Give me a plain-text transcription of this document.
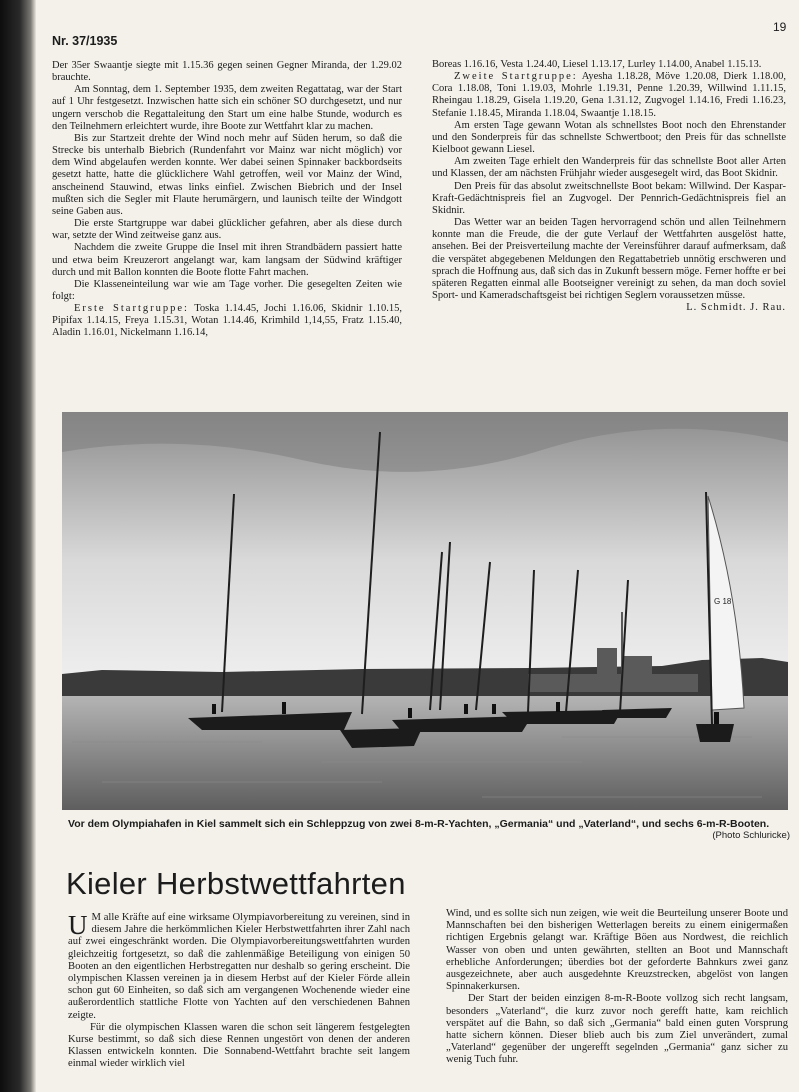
Nr. 37/1935
19

Der 35er Swaantje siegte mit 1.15.36 gegen seinen Gegner Miranda, der 1.29.02 brauchte.

Am Sonntag, dem 1. September 1935, dem zweiten Regattatag, war der Start auf 1 Uhr festgesetzt. Inzwischen hatte sich ein schöner SO durchgesetzt, und nur ungern verschob die Regattaleitung den Start um eine halbe Stunde, wodurch es den Teilnehmern erleichtert wurde, ihre Boote zur Wettfahrt klar zu machen.

Bis zur Startzeit drehte der Wind noch mehr auf Süden herum, so daß die Strecke bis unterhalb Biebrich (Rundenfahrt vor Mainz war nicht möglich) vor dem Wind abgelaufen werden konnte. Wer dabei seinen Spinnaker backbordseits gesetzt hatte, hatte die glücklichere Wahl getroffen, weil vor Mainz der Wind, anscheinend Stauwind, etwas links einfiel. Zwischen Biebrich und der Insel mußten sich die Segler mit Flaute herumärgern, und launisch teilte der Windgott seine Gaben aus.

Die erste Startgruppe war dabei glücklicher gefahren, aber als diese durch war, setzte der Wind zeitweise ganz aus.

Nachdem die zweite Gruppe die Insel mit ihren Strandbädern passiert hatte und etwa beim Kreuzerort angelangt war, kam langsam der Südwind kräftiger durch und mit Ballon konnten die Boote flotte Fahrt machen.

Die Klasseneinteilung war wie am Tage vorher. Die gesegelten Zeiten wie folgt:

Erste Startgruppe: Toska 1.14.45, Jochi 1.16.06, Skidnir 1.10.15, Pipifax 1.14.15, Freya 1.15.31, Wotan 1.14.46, Krimhild 1,14,55, Fratz 1.15.40, Aladin 1.16.01, Nickelmann 1.16.14,

Boreas 1.16.16, Vesta 1.24.40, Liesel 1.13.17, Lurley 1.14.00, Anabel 1.15.13.

Zweite Startgruppe: Ayesha 1.18.28, Möve 1.20.08, Dierk 1.18.00, Cora 1.18.08, Toni 1.19.03, Mohrle 1.19.31, Penne 1.20.39, Willwind 1.11.15, Rheingau 1.18.29, Gisela 1.19.20, Gena 1.31.12, Zugvogel 1.14.16, Fredi 1.16.23, Stefanie 1.18.45, Miranda 1.18.04, Swaantje 1.18.15.

Am ersten Tage gewann Wotan als schnellstes Boot noch den Ehrenstander und den Sonderpreis für das schnellste Schwertboot; den Preis für das schnellste Kielboot gewann Liesel.

Am zweiten Tage erhielt den Wanderpreis für das schnellste Boot aller Arten und Klassen, der am nächsten Frühjahr wieder ausgesegelt wird, das Boot Skidnir.

Den Preis für das absolut zweitschnellste Boot bekam: Willwind. Der Kaspar-Kraft-Gedächtnispreis fiel an Zugvogel. Der Pennrich-Gedächtnispreis fiel an Skidnir.

Das Wetter war an beiden Tagen hervorragend schön und allen Teilnehmern konnte man die Freude, die der gute Verlauf der Wettfahrten ausgelöst hatte, ansehen. Bei der Preisverteilung machte der Vereinsführer darauf aufmerksam, daß die verspätet abgegebenen Meldungen den Regattabetrieb unnötig erschweren und sprach die Hoffnung aus, daß sich das in Zukunft bessern möge. Ferner hoffte er bei späteren Regatten einmal alle Bootseigner vereinigt zu sehen, da man doch soviel Sport- und Kameradschaftsgeist bei richtigen Seglern voraussetzen müsse.

L. Schmidt. J. Rau.

G 18
Vor dem Olympiahafen in Kiel sammelt sich ein Schleppzug von zwei 8-m-R-Yachten, „Germania“ und „Vaterland“, und sechs 6-m-R-Booten.
(Photo Schluricke)
Kieler Herbstwettfahrten
U M alle Kräfte auf eine wirksame Olympiavorbereitung zu vereinen, sind in diesem Jahre die herkömmlichen Kieler Herbstwettfahrten ihrer Zahl nach auf zwei eingeschränkt worden. Die Olympiavorbereitungswettfahrten wurden gleichzeitig fortgesetzt, so daß die zahlenmäßige Beteiligung von einigen 50 Booten an den eigentlichen Herbstregatten nur deshalb so gering erscheint. Die olympischen Klassen vereinen ja in diesem Herbst auf der Kieler Förde allein schon gut 60 Einheiten, so daß sich am vergangenen Wochenende wieder eine außerordentlich stattliche Flotte von Yachten auf den verschiedenen Bahnen zeigte.

Für die olympischen Klassen waren die schon seit längerem festgelegten Kurse bestimmt, so daß sich diese Rennen ungestört von denen der anderen Klassen entwickeln konnten. Die Sonnabend-Wettfahrt brachte seit langem einmal wieder wirklich viel

Wind, und es sollte sich nun zeigen, wie weit die Beurteilung unserer Boote und Mannschaften bei den bisherigen Wetterlagen bereits zu einem einigermaßen richtigen Ergebnis gelangt war. Kräftige Böen aus Nordwest, die reichlich Wasser von oben und unten gewährten, stellten an Boot und Mannschaft erhebliche Anforderungen; überdies bot der geforderte Bahnkurs zwei ganz ausgezeichnete, aber auch ausgedehnte Kreuzstrecken, abgelöst von langen Spinnakerkursen.

Der Start der beiden einzigen 8-m-R-Boote vollzog sich recht langsam, besonders „Vaterland“, die kurz zuvor noch gerefft hatte, kam reichlich verspätet auf die Bahn, so daß sich „Germania“ bald einen guten Vorsprung hatte sichern können. Dieser blieb auch bis zum Ziel unverändert, zumal „Vaterland“ gegenüber der ungerefft segelnden „Germania“ ganz sicher zu wenig Tuch fuhr.
